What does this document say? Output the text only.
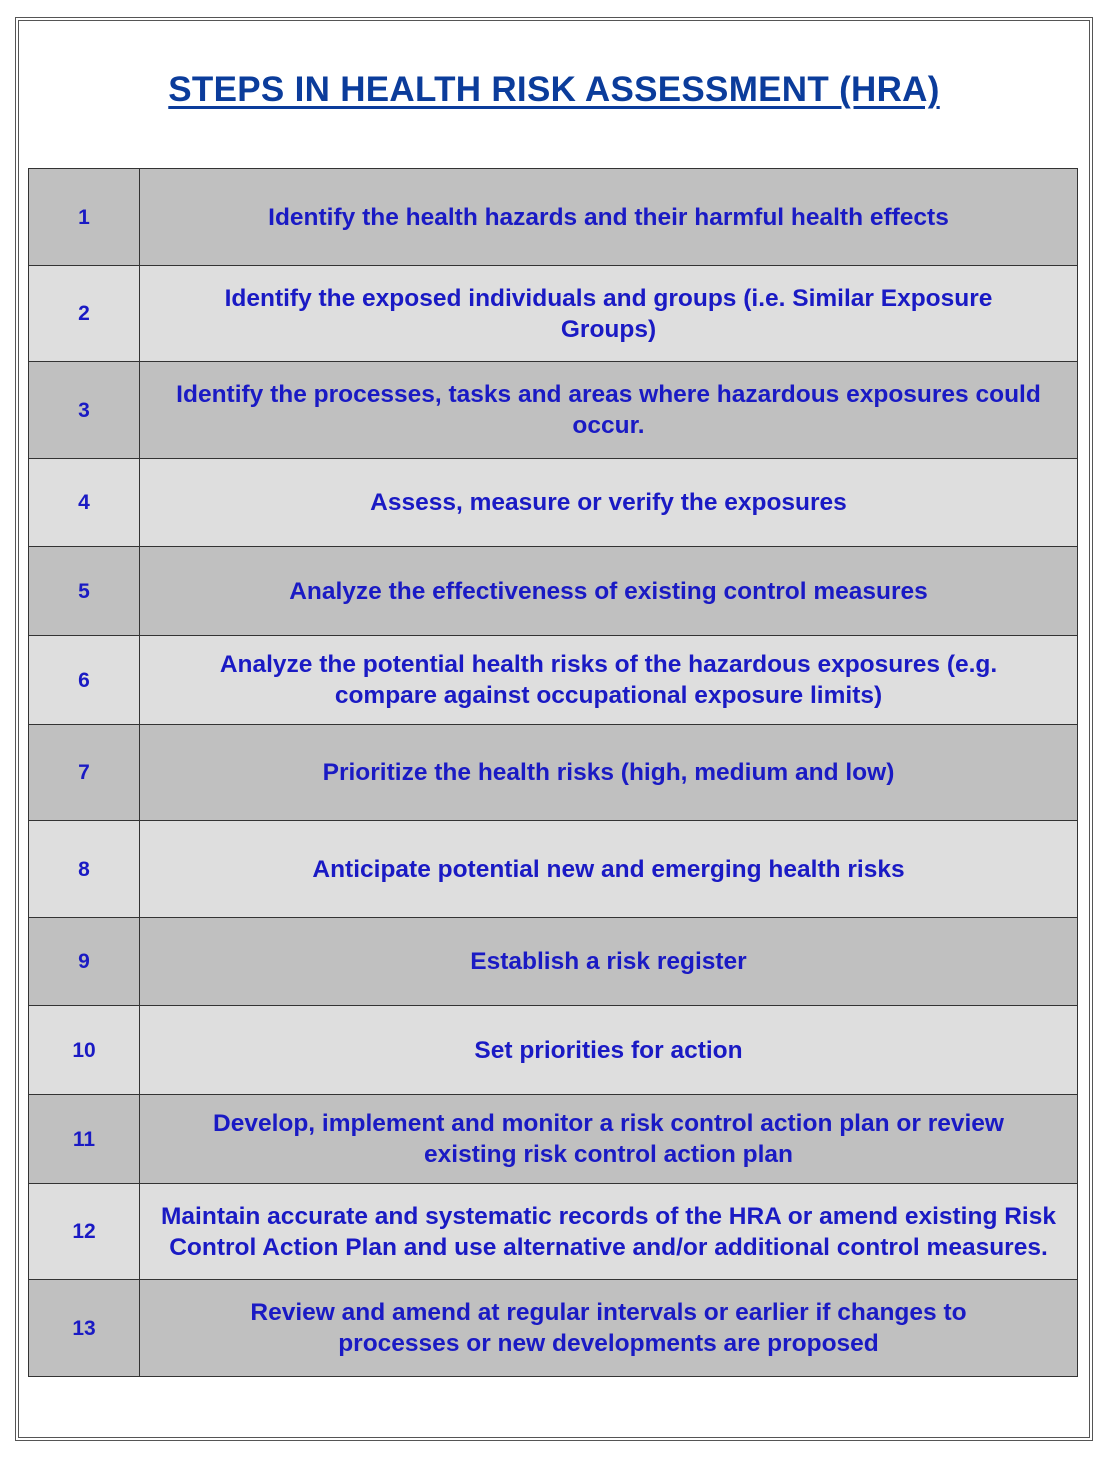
STEPS IN HEALTH RISK ASSESSMENT (HRA)
1	Identify the health hazards and their harmful health effects
2	Identify the exposed individuals and groups (i.e. Similar Exposure Groups)
3	Identify the processes, tasks and areas where hazardous exposures could occur.
4	Assess, measure or verify the exposures
5	Analyze the effectiveness of existing control measures
6	Analyze the potential health risks of the hazardous exposures (e.g. compare against occupational exposure limits)
7	Prioritize the health risks (high, medium and low)
8	Anticipate potential new and emerging health risks
9	Establish a risk register
10	Set priorities for action
11	Develop, implement and monitor a risk control action plan or review existing risk control action plan
12	Maintain accurate and systematic records of the HRA or amend existing Risk Control Action Plan and use alternative and/or additional control measures.
13	Review and amend at regular intervals or earlier if changes to processes or new developments are proposed
